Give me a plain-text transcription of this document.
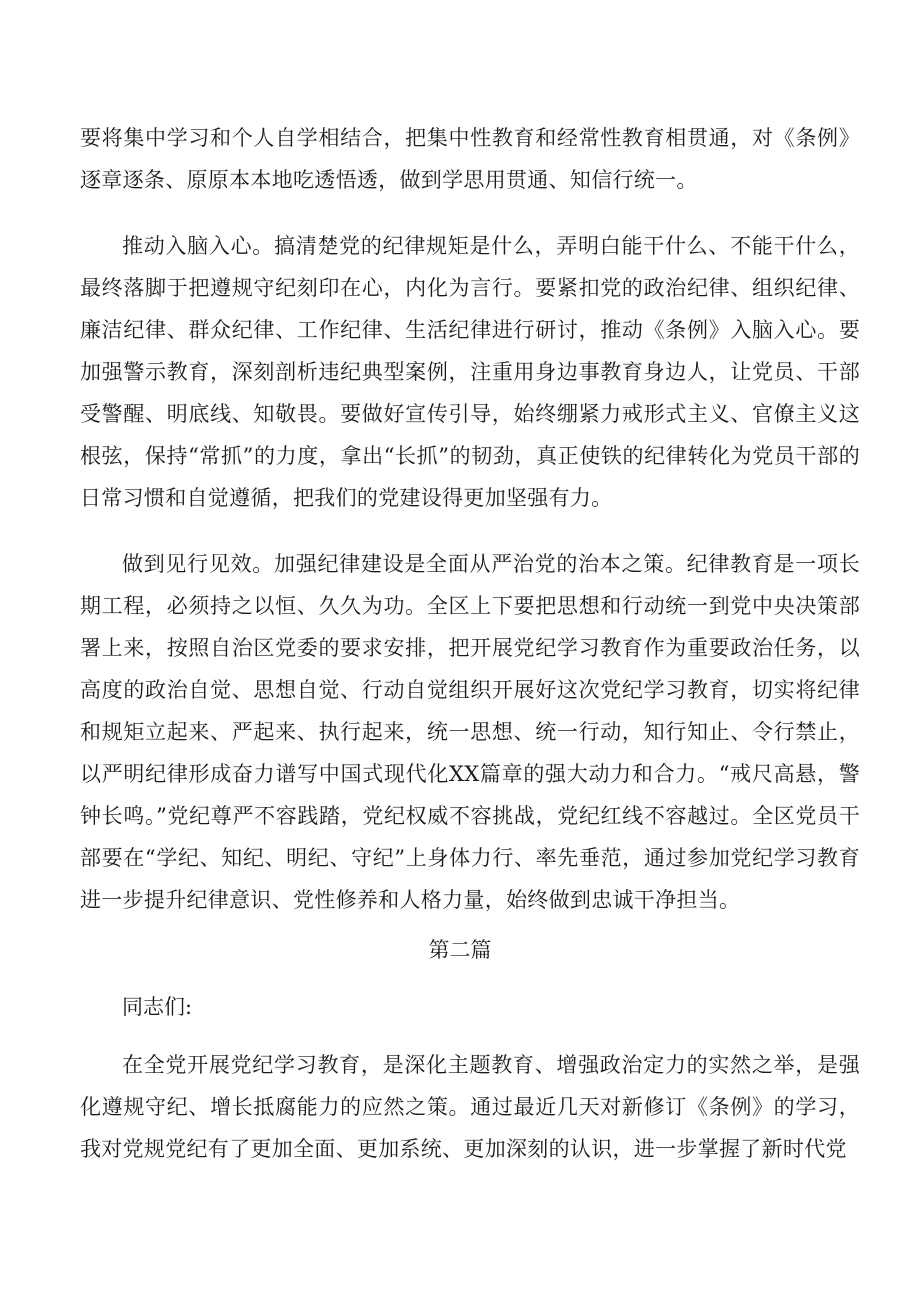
要将集中学习和个人自学相结合，把集中性教育和经常性教育相贯通，对《条例》逐章逐条、原原本本地吃透悟透，做到学思用贯通、知信行统一。

推动入脑入心。搞清楚党的纪律规矩是什么，弄明白能干什么、不能干什么，最终落脚于把遵规守纪刻印在心，内化为言行。要紧扣党的政治纪律、组织纪律、廉洁纪律、群众纪律、工作纪律、生活纪律进行研讨，推动《条例》入脑入心。要加强警示教育，深刻剖析违纪典型案例，注重用身边事教育身边人，让党员、干部受警醒、明底线、知敬畏。要做好宣传引导，始终绷紧力戒形式主义、官僚主义这根弦，保持“常抓”的力度，拿出“长抓”的韧劲，真正使铁的纪律转化为党员干部的日常习惯和自觉遵循，把我们的党建设得更加坚强有力。

做到见行见效。加强纪律建设是全面从严治党的治本之策。纪律教育是一项长期工程，必须持之以恒、久久为功。全区上下要把思想和行动统一到党中央决策部署上来，按照自治区党委的要求安排，把开展党纪学习教育作为重要政治任务，以高度的政治自觉、思想自觉、行动自觉组织开展好这次党纪学习教育，切实将纪律和规矩立起来、严起来、执行起来，统一思想、统一行动，知行知止、令行禁止，以严明纪律形成奋力谱写中国式现代化XX篇章的强大动力和合力。“戒尺高悬，警钟长鸣。”党纪尊严不容践踏，党纪权威不容挑战，党纪红线不容越过。全区党员干部要在“学纪、知纪、明纪、守纪”上身体力行、率先垂范，通过参加党纪学习教育进一步提升纪律意识、党性修养和人格力量，始终做到忠诚干净担当。

第二篇

同志们:

在全党开展党纪学习教育，是深化主题教育、增强政治定力的实然之举，是强化遵规守纪、增长抵腐能力的应然之策。通过最近几天对新修订《条例》的学习，我对党规党纪有了更加全面、更加系统、更加深刻的认识，进一步掌握了新时代党
